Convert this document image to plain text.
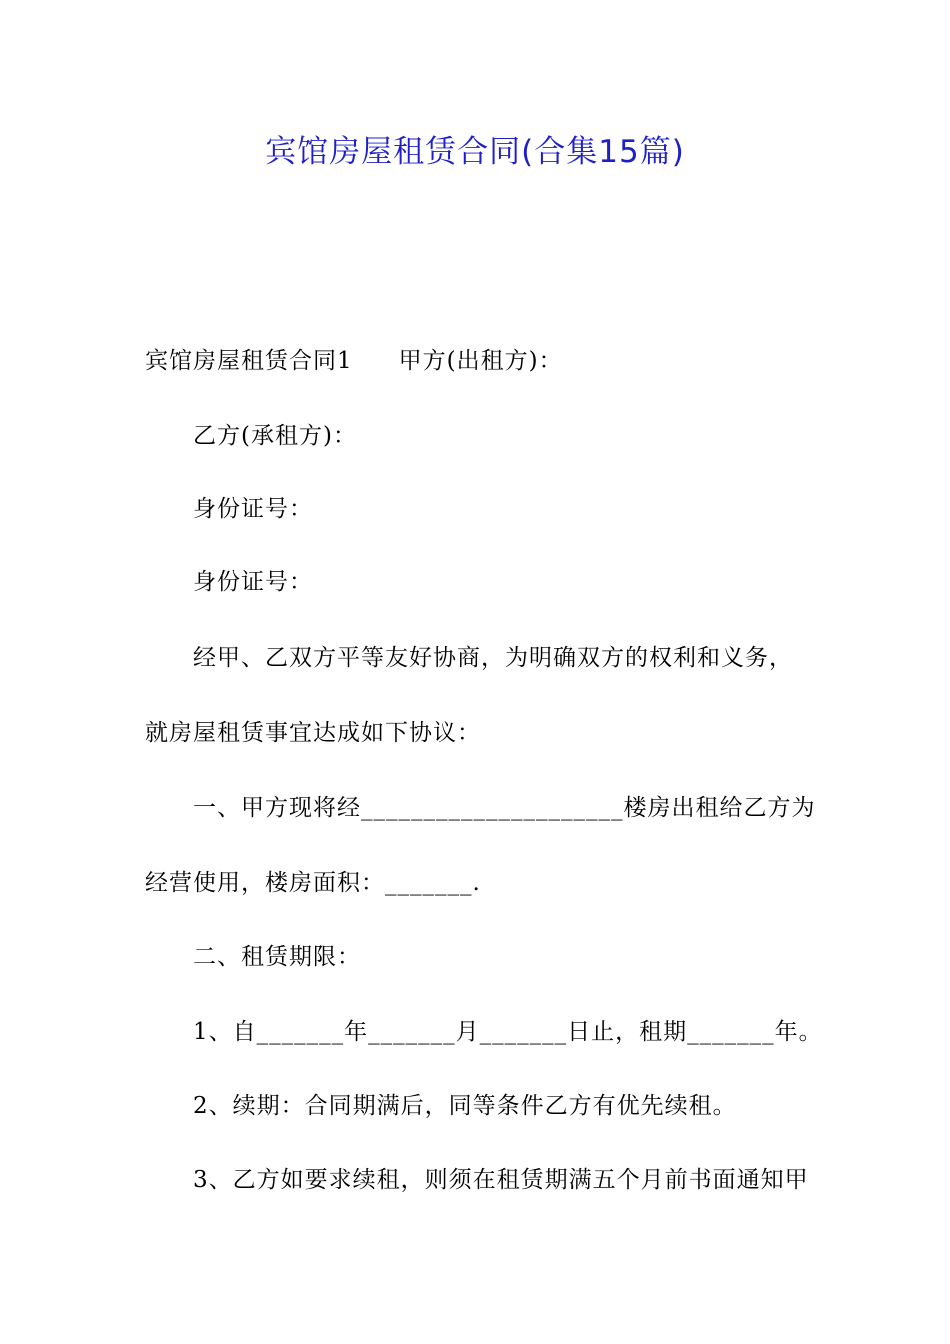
宾馆房屋租赁合同(合集15篇)
宾馆房屋租赁合同1 甲方(出租方)：
乙方(承租方)：
身份证号：
身份证号：
经甲、乙双方平等友好协商，为明确双方的权利和义务，
就房屋租赁事宜达成如下协议：
一、甲方现将经_____________________楼房出租给乙方为
经营使用，楼房面积：_______.
二、租赁期限：
1、自_______年_______月_______日止，租期_______年。
2、续期：合同期满后，同等条件乙方有优先续租。
3、乙方如要求续租，则须在租赁期满五个月前书面通知甲
